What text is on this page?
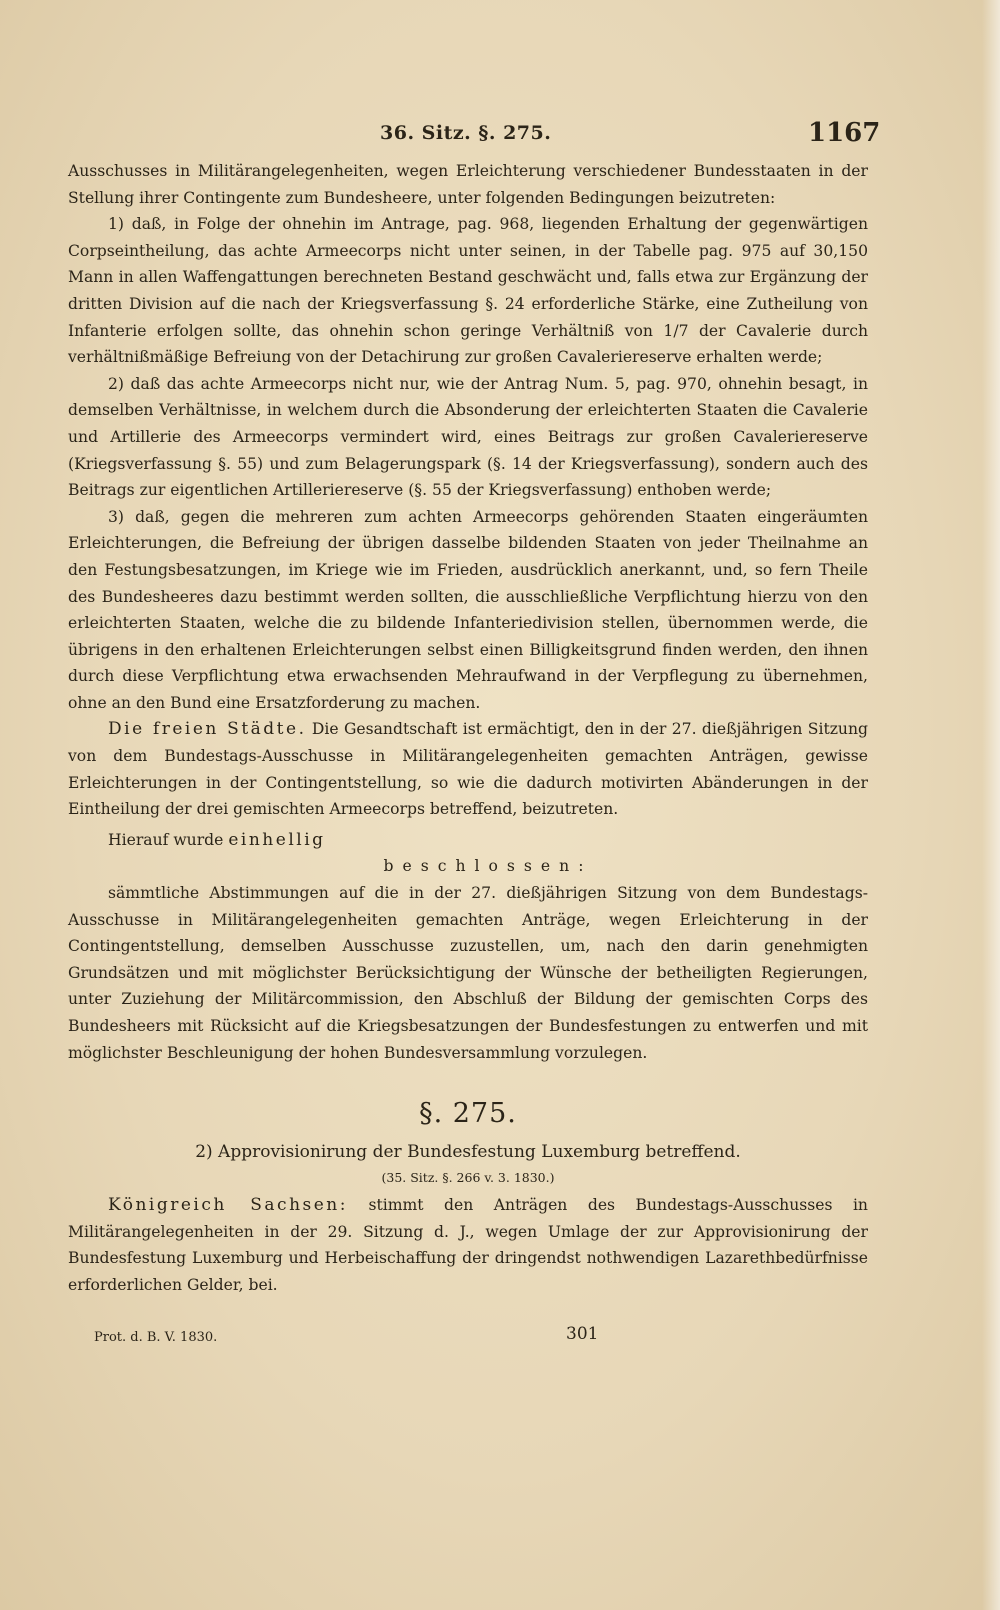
36. Sitz. §. 275.	1167

Ausschusses in Militärangelegenheiten, wegen Erleichterung verschiedener Bundesstaaten in der Stellung ihrer Contingente zum Bundesheere, unter folgenden Bedingungen beizutreten:

1) daß, in Folge der ohnehin im Antrage, pag. 968, liegenden Erhaltung der gegenwärtigen Corpseintheilung, das achte Armeecorps nicht unter seinen, in der Tabelle pag. 975 auf 30,150 Mann in allen Waffengattungen berechneten Bestand geschwächt und, falls etwa zur Ergänzung der dritten Division auf die nach der Kriegsverfassung §. 24 erforderliche Stärke, eine Zutheilung von Infanterie erfolgen sollte, das ohnehin schon geringe Verhältniß von 1/7 der Cavalerie durch verhältnißmäßige Befreiung von der Detachirung zur großen Cavaleriereserve erhalten werde;

2) daß das achte Armeecorps nicht nur, wie der Antrag Num. 5, pag. 970, ohnehin besagt, in demselben Verhältnisse, in welchem durch die Absonderung der erleichterten Staaten die Cavalerie und Artillerie des Armeecorps vermindert wird, eines Beitrags zur großen Cavaleriereserve (Kriegsverfassung §. 55) und zum Belagerungspark (§. 14 der Kriegsverfassung), sondern auch des Beitrags zur eigentlichen Artilleriereserve (§. 55 der Kriegsverfassung) enthoben werde;

3) daß, gegen die mehreren zum achten Armeecorps gehörenden Staaten eingeräumten Erleichterungen, die Befreiung der übrigen dasselbe bildenden Staaten von jeder Theilnahme an den Festungsbesatzungen, im Kriege wie im Frieden, ausdrücklich anerkannt, und, so fern Theile des Bundesheeres dazu bestimmt werden sollten, die ausschließliche Verpflichtung hierzu von den erleichterten Staaten, welche die zu bildende Infanteriedivision stellen, übernommen werde, die übrigens in den erhaltenen Erleichterungen selbst einen Billigkeitsgrund finden werden, den ihnen durch diese Verpflichtung etwa erwachsenden Mehraufwand in der Verpflegung zu übernehmen, ohne an den Bund eine Ersatzforderung zu machen.

Die freien Städte. Die Gesandtschaft ist ermächtigt, den in der 27. dießjährigen Sitzung von dem Bundestags-Ausschusse in Militärangelegenheiten gemachten Anträgen, gewisse Erleichterungen in der Contingentstellung, so wie die dadurch motivirten Abänderungen in der Eintheilung der drei gemischten Armeecorps betreffend, beizutreten.

Hierauf wurde einhellig

beschlossen:

sämmtliche Abstimmungen auf die in der 27. dießjährigen Sitzung von dem Bundestags-Ausschusse in Militärangelegenheiten gemachten Anträge, wegen Erleichterung in der Contingentstellung, demselben Ausschusse zuzustellen, um, nach den darin genehmigten Grundsätzen und mit möglichster Berücksichtigung der Wünsche der betheiligten Regierungen, unter Zuziehung der Militärcommission, den Abschluß der Bildung der gemischten Corps des Bundesheers mit Rücksicht auf die Kriegsbesatzungen der Bundesfestungen zu entwerfen und mit möglichster Beschleunigung der hohen Bundesversammlung vorzulegen.

§. 275.

2) Approvisionirung der Bundesfestung Luxemburg betreffend.

(35. Sitz. §. 266 v. 3. 1830.)

Königreich Sachsen: stimmt den Anträgen des Bundestags-Ausschusses in Militärangelegenheiten in der 29. Sitzung d. J., wegen Umlage der zur Approvisionirung der Bundesfestung Luxemburg und Herbeischaffung der dringendst nothwendigen Lazarethbedürfnisse erforderlichen Gelder, bei.

Prot. d. B. V. 1830.	301
